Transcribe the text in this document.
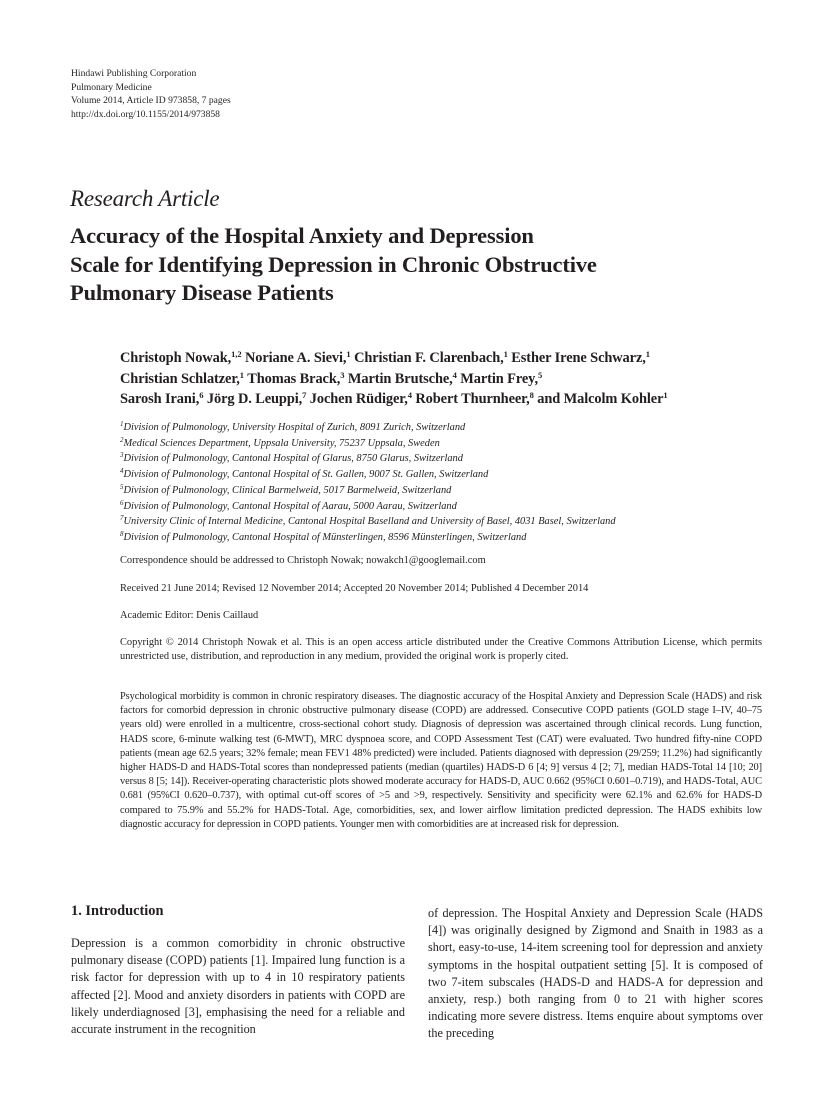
Hindawi Publishing Corporation
Pulmonary Medicine
Volume 2014, Article ID 973858, 7 pages
http://dx.doi.org/10.1155/2014/973858
Research Article
Accuracy of the Hospital Anxiety and Depression
Scale for Identifying Depression in Chronic Obstructive
Pulmonary Disease Patients
Christoph Nowak,$^{1,2}$ Noriane A. Sievi,$^1$ Christian F. Clarenbach,$^1$ Esther Irene Schwarz,$^1$
Christian Schlatzer,$^1$ Thomas Brack,$^3$ Martin Brutsche,$^4$ Martin Frey,$^5$
Sarosh Irani,$^6$ Jörg D. Leuppi,$^7$ Jochen Rüdiger,$^4$ Robert Thurnheer,$^8$ and Malcolm Kohler$^1$
$^1$Division of Pulmonology, University Hospital of Zurich, 8091 Zurich, Switzerland
$^2$Medical Sciences Department, Uppsala University, 75237 Uppsala, Sweden
$^3$Division of Pulmonology, Cantonal Hospital of Glarus, 8750 Glarus, Switzerland
$^4$Division of Pulmonology, Cantonal Hospital of St. Gallen, 9007 St. Gallen, Switzerland
$^5$Division of Pulmonology, Clinical Barmelweid, 5017 Barmelweid, Switzerland
$^6$Division of Pulmonology, Cantonal Hospital of Aarau, 5000 Aarau, Switzerland
$^7$University Clinic of Internal Medicine, Cantonal Hospital Baselland and University of Basel, 4031 Basel, Switzerland
$^8$Division of Pulmonology, Cantonal Hospital of Münsterlingen, 8596 Münsterlingen, Switzerland
Correspondence should be addressed to Christoph Nowak; nowakch1@googlemail.com
Received 21 June 2014; Revised 12 November 2014; Accepted 20 November 2014; Published 4 December 2014
Academic Editor: Denis Caillaud
Copyright © 2014 Christoph Nowak et al. This is an open access article distributed under the Creative Commons Attribution License, which permits unrestricted use, distribution, and reproduction in any medium, provided the original work is properly cited.
Psychological morbidity is common in chronic respiratory diseases. The diagnostic accuracy of the Hospital Anxiety and Depression Scale (HADS) and risk factors for comorbid depression in chronic obstructive pulmonary disease (COPD) are addressed. Consecutive COPD patients (GOLD stage I–IV, 40–75 years old) were enrolled in a multicentre, cross-sectional cohort study. Diagnosis of depression was ascertained through clinical records. Lung function, HADS score, 6-minute walking test (6-MWT), MRC dyspnoea score, and COPD Assessment Test (CAT) were evaluated. Two hundred fifty-nine COPD patients (mean age 62.5 years; 32% female; mean FEV1 48% predicted) were included. Patients diagnosed with depression (29/259; 11.2%) had significantly higher HADS-D and HADS-Total scores than nondepressed patients (median (quartiles) HADS-D 6 [4; 9] versus 4 [2; 7], median HADS-Total 14 [10; 20] versus 8 [5; 14]). Receiver-operating characteristic plots showed moderate accuracy for HADS-D, AUC 0.662 (95%CI 0.601–0.719), and HADS-Total, AUC 0.681 (95%CI 0.620–0.737), with optimal cut-off scores of >5 and >9, respectively. Sensitivity and specificity were 62.1% and 62.6% for HADS-D compared to 75.9% and 55.2% for HADS-Total. Age, comorbidities, sex, and lower airflow limitation predicted depression. The HADS exhibits low diagnostic accuracy for depression in COPD patients. Younger men with comorbidities are at increased risk for depression.
1. Introduction
Depression is a common comorbidity in chronic obstructive pulmonary disease (COPD) patients [1]. Impaired lung function is a risk factor for depression with up to 4 in 10 respiratory patients affected [2]. Mood and anxiety disorders in patients with COPD are likely underdiagnosed [3], emphasising the need for a reliable and accurate instrument in the recognition
of depression. The Hospital Anxiety and Depression Scale (HADS [4]) was originally designed by Zigmond and Snaith in 1983 as a short, easy-to-use, 14-item screening tool for depression and anxiety symptoms in the hospital outpatient setting [5]. It is composed of two 7-item subscales (HADS-D and HADS-A for depression and anxiety, resp.) both ranging from 0 to 21 with higher scores indicating more severe distress. Items enquire about symptoms over the preceding
